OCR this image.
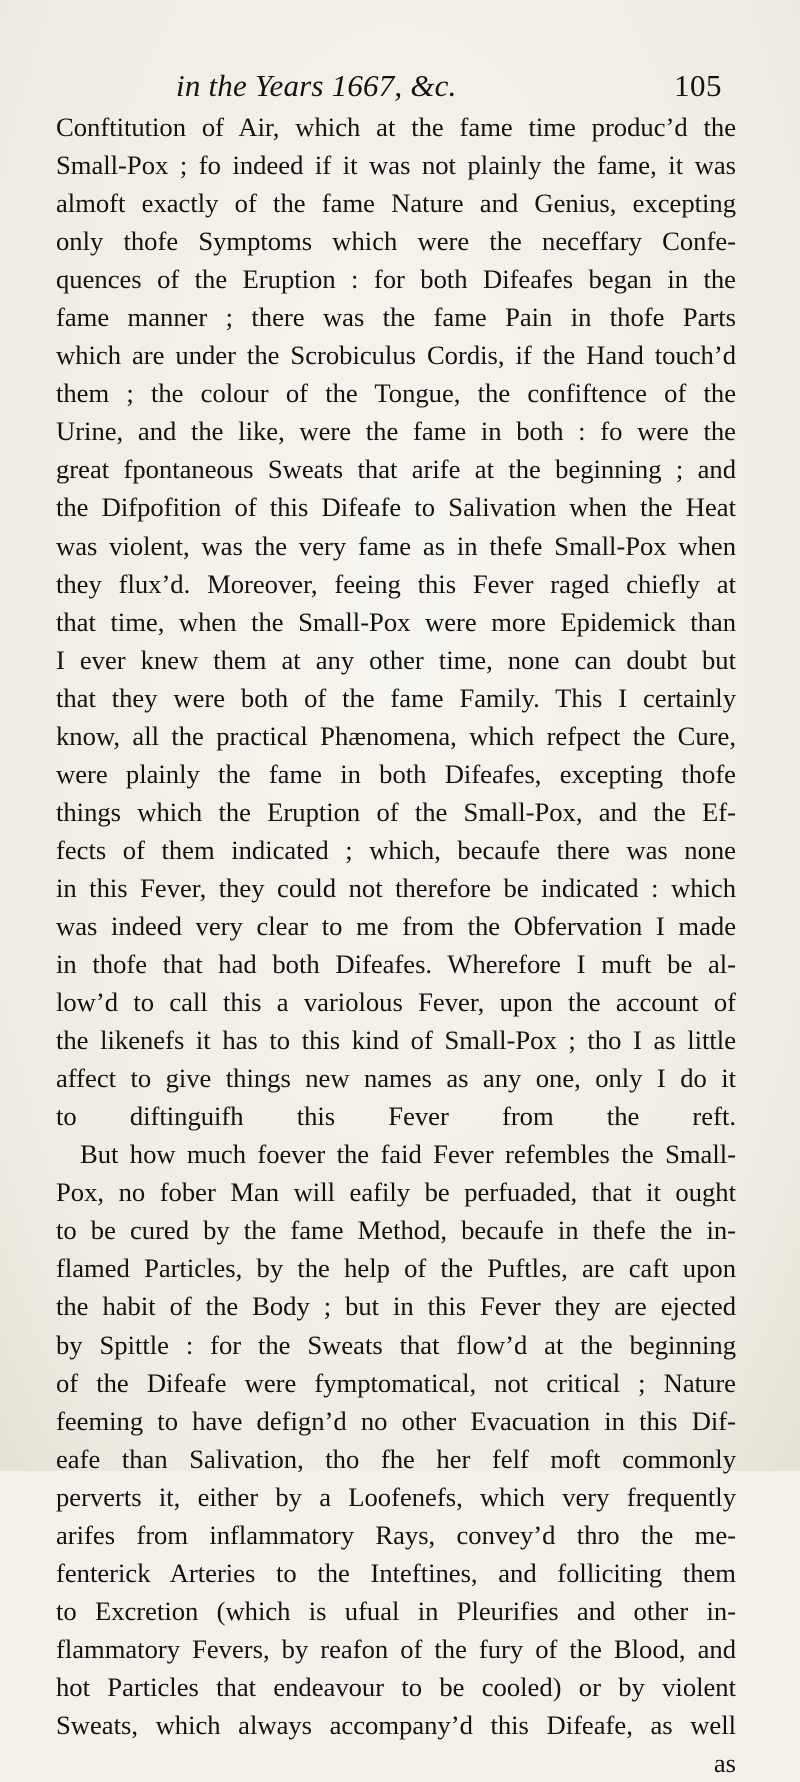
in the Years 1667, &c.	105
Conftitution of Air, which at the fame time produc’d the
Small-Pox ; fo indeed if it was not plainly the fame, it was
almoft exactly of the fame Nature and Genius, excepting
only thofe Symptoms which were the neceffary Confe-
quences of the Eruption : for both Difeafes began in the
fame manner ; there was the fame Pain in thofe Parts
which are under the Scrobiculus Cordis, if the Hand touch’d
them ; the colour of the Tongue, the confiftence of the
Urine, and the like, were the fame in both : fo were the
great fpontaneous Sweats that arife at the beginning ; and
the Difpofition of this Difeafe to Salivation when the Heat
was violent, was the very fame as in thefe Small-Pox when
they flux’d. Moreover, feeing this Fever raged chiefly at
that time, when the Small-Pox were more Epidemick than
I ever knew them at any other time, none can doubt but
that they were both of the fame Family. This I certainly
know, all the practical Phænomena, which refpect the Cure,
were plainly the fame in both Difeafes, excepting thofe
things which the Eruption of the Small-Pox, and the Ef-
fects of them indicated ; which, becaufe there was none
in this Fever, they could not therefore be indicated : which
was indeed very clear to me from the Obfervation I made
in thofe that had both Difeafes. Wherefore I muft be al-
low’d to call this a variolous Fever, upon the account of
the likenefs it has to this kind of Small-Pox ; tho I as little
affect to give things new names as any one, only I do it
to diftinguifh this Fever from the reft.
But how much foever the faid Fever refembles the Small-
Pox, no fober Man will eafily be perfuaded, that it ought
to be cured by the fame Method, becaufe in thefe the in-
flamed Particles, by the help of the Puftles, are caft upon
the habit of the Body ; but in this Fever they are ejected
by Spittle : for the Sweats that flow’d at the beginning
of the Difeafe were fymptomatical, not critical ; Nature
feeming to have defign’d no other Evacuation in this Dif-
eafe than Salivation, tho fhe her felf moft commonly
perverts it, either by a Loofenefs, which very frequently
arifes from inflammatory Rays, convey’d thro the me-
fenterick Arteries to the Inteftines, and folliciting them
to Excretion (which is ufual in Pleurifies and other in-
flammatory Fevers, by reafon of the fury of the Blood, and
hot Particles that endeavour to be cooled) or by violent
Sweats, which always accompany’d this Difeafe, as well
as
